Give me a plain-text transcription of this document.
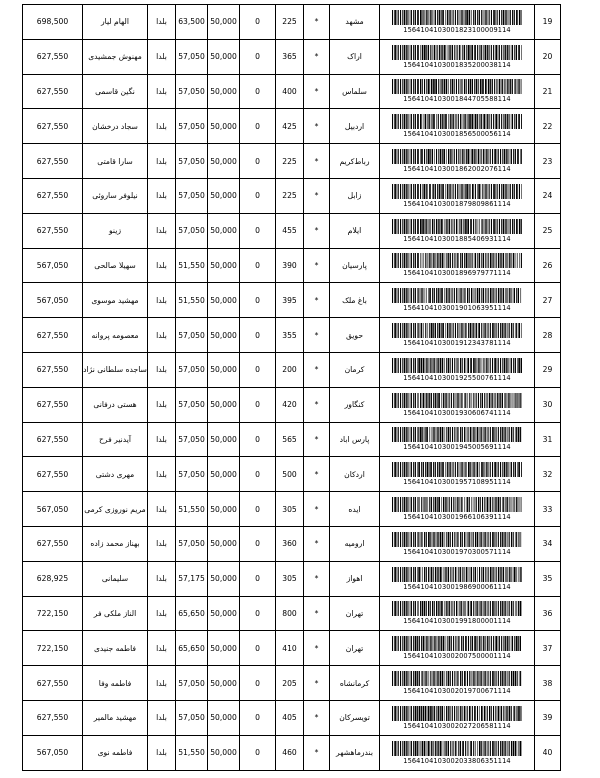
698,500	الهام ليار	بلدا	63,500	50,000	0	225	*	مشهد	1564104103001823100009114	19
627,550	مهنوش جمشیدی	بلدا	57,050	50,000	0	365	*	اراک	1564104103001835200038114	20
627,550	نگین قاسمی	بلدا	57,050	50,000	0	400	*	سلماس	1564104103001844705588114	21
627,550	سجاد درخشان	بلدا	57,050	50,000	0	425	*	اردبیل	1564104103001856500056114	22
627,550	سارا قامتی	بلدا	57,050	50,000	0	225	*	رباط‌کریم	1564104103001862002076114	23
627,550	نیلوفر ساروئی	بلدا	57,050	50,000	0	225	*	زابل	1564104103001879809861114	24
627,550	زینو	بلدا	57,050	50,000	0	455	*	ایلام	1564104103001885406931114	25
567,050	سهیلا صالحی	بلدا	51,550	50,000	0	390	*	پارسیان	1564104103001896979771114	26
567,050	مهشید موسوی	بلدا	51,550	50,000	0	395	*	باغ ملک	1564104103001901063951114	27
627,550	معصومه پروانه	بلدا	57,050	50,000	0	355	*	حویق	1564104103001912343781114	28
627,550	ساجده سلطانی نژاد	بلدا	57,050	50,000	0	200	*	کرمان	1564104103001925500761114	29
627,550	هستی درفانی	بلدا	57,050	50,000	0	420	*	کنگاور	1564104103001930606741114	30
627,550	آیدنیر فرح	بلدا	57,050	50,000	0	565	*	پارس اباد	1564104103001945005691114	31
627,550	مهری دشتی	بلدا	57,050	50,000	0	500	*	اردکان	1564104103001957108951114	32
567,050	مریم نوروزی کرمی	بلدا	51,550	50,000	0	305	*	ایده	1564104103001966106391114	33
627,550	بهناز محمد زاده	بلدا	57,050	50,000	0	360	*	ارومیه	1564104103001970300571114	34
628,925	سلیمانی	بلدا	57,175	50,000	0	305	*	اهواز	1564104103001986900061114	35
722,150	الناز ملکی فر	بلدا	65,650	50,000	0	800	*	تهران	1564104103001991800001114	36
722,150	فاطمه جنیدی	بلدا	65,650	50,000	0	410	*	تهران	1564104103002007500001114	37
627,550	فاطمه وفا	بلدا	57,050	50,000	0	205	*	کرمانشاه	1564104103002019700671114	38
627,550	مهشید مالمیر	بلدا	57,050	50,000	0	405	*	تویسرکان	1564104103002027206581114	39
567,050	فاطمه نوی	بلدا	51,550	50,000	0	460	*	بندرماهشهر	1564104103002033806351114	40
